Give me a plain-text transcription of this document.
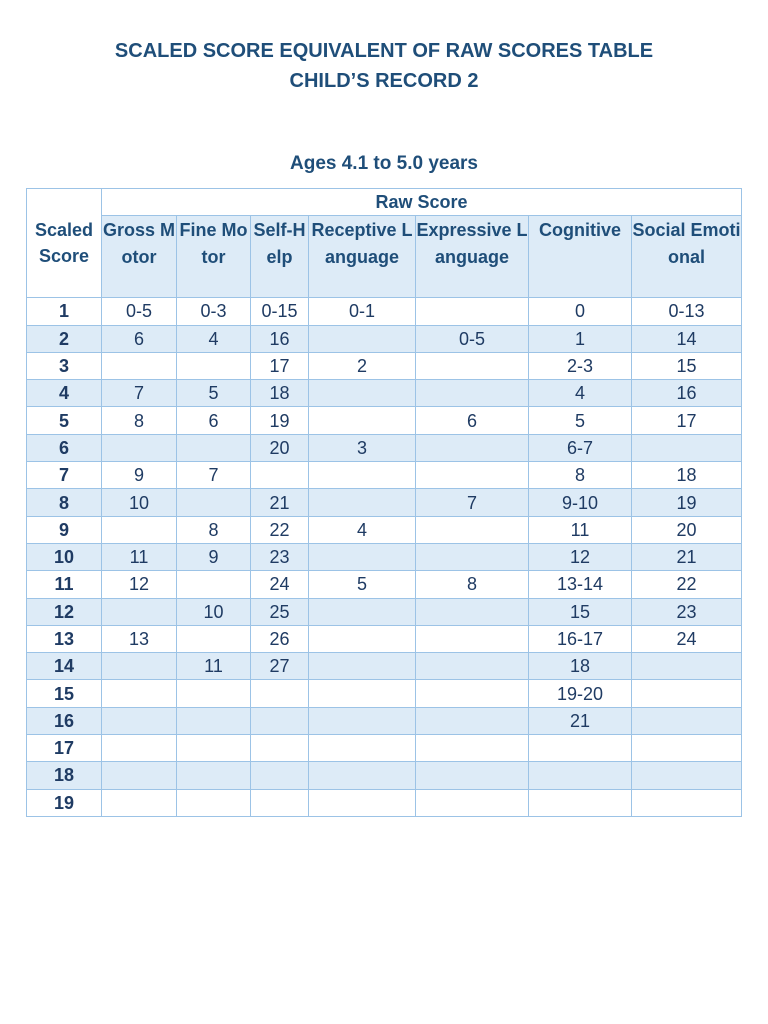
SCALED SCORE EQUIVALENT OF RAW SCORES TABLE
CHILD’S RECORD 2
Ages 4.1 to 5.0 years
Scaled Score	Raw Score						
	Gross Motor	Fine Motor	Self-Help	Receptive Language	Expressive Language	Cognitive	Social Emotional
1	0-5	0-3	0-15	0-1		0	0-13
2	6	4	16		0-5	1	14
3			17	2		2-3	15
4	7	5	18			4	16
5	8	6	19		6	5	17
6			20	3		6-7	
7	9	7				8	18
8	10		21		7	9-10	19
9		8	22	4		11	20
10	11	9	23			12	21
11	12		24	5	8	13-14	22
12		10	25			15	23
13	13		26			16-17	24
14		11	27			18	
15						19-20	
16						21	
17							
18							
19							
